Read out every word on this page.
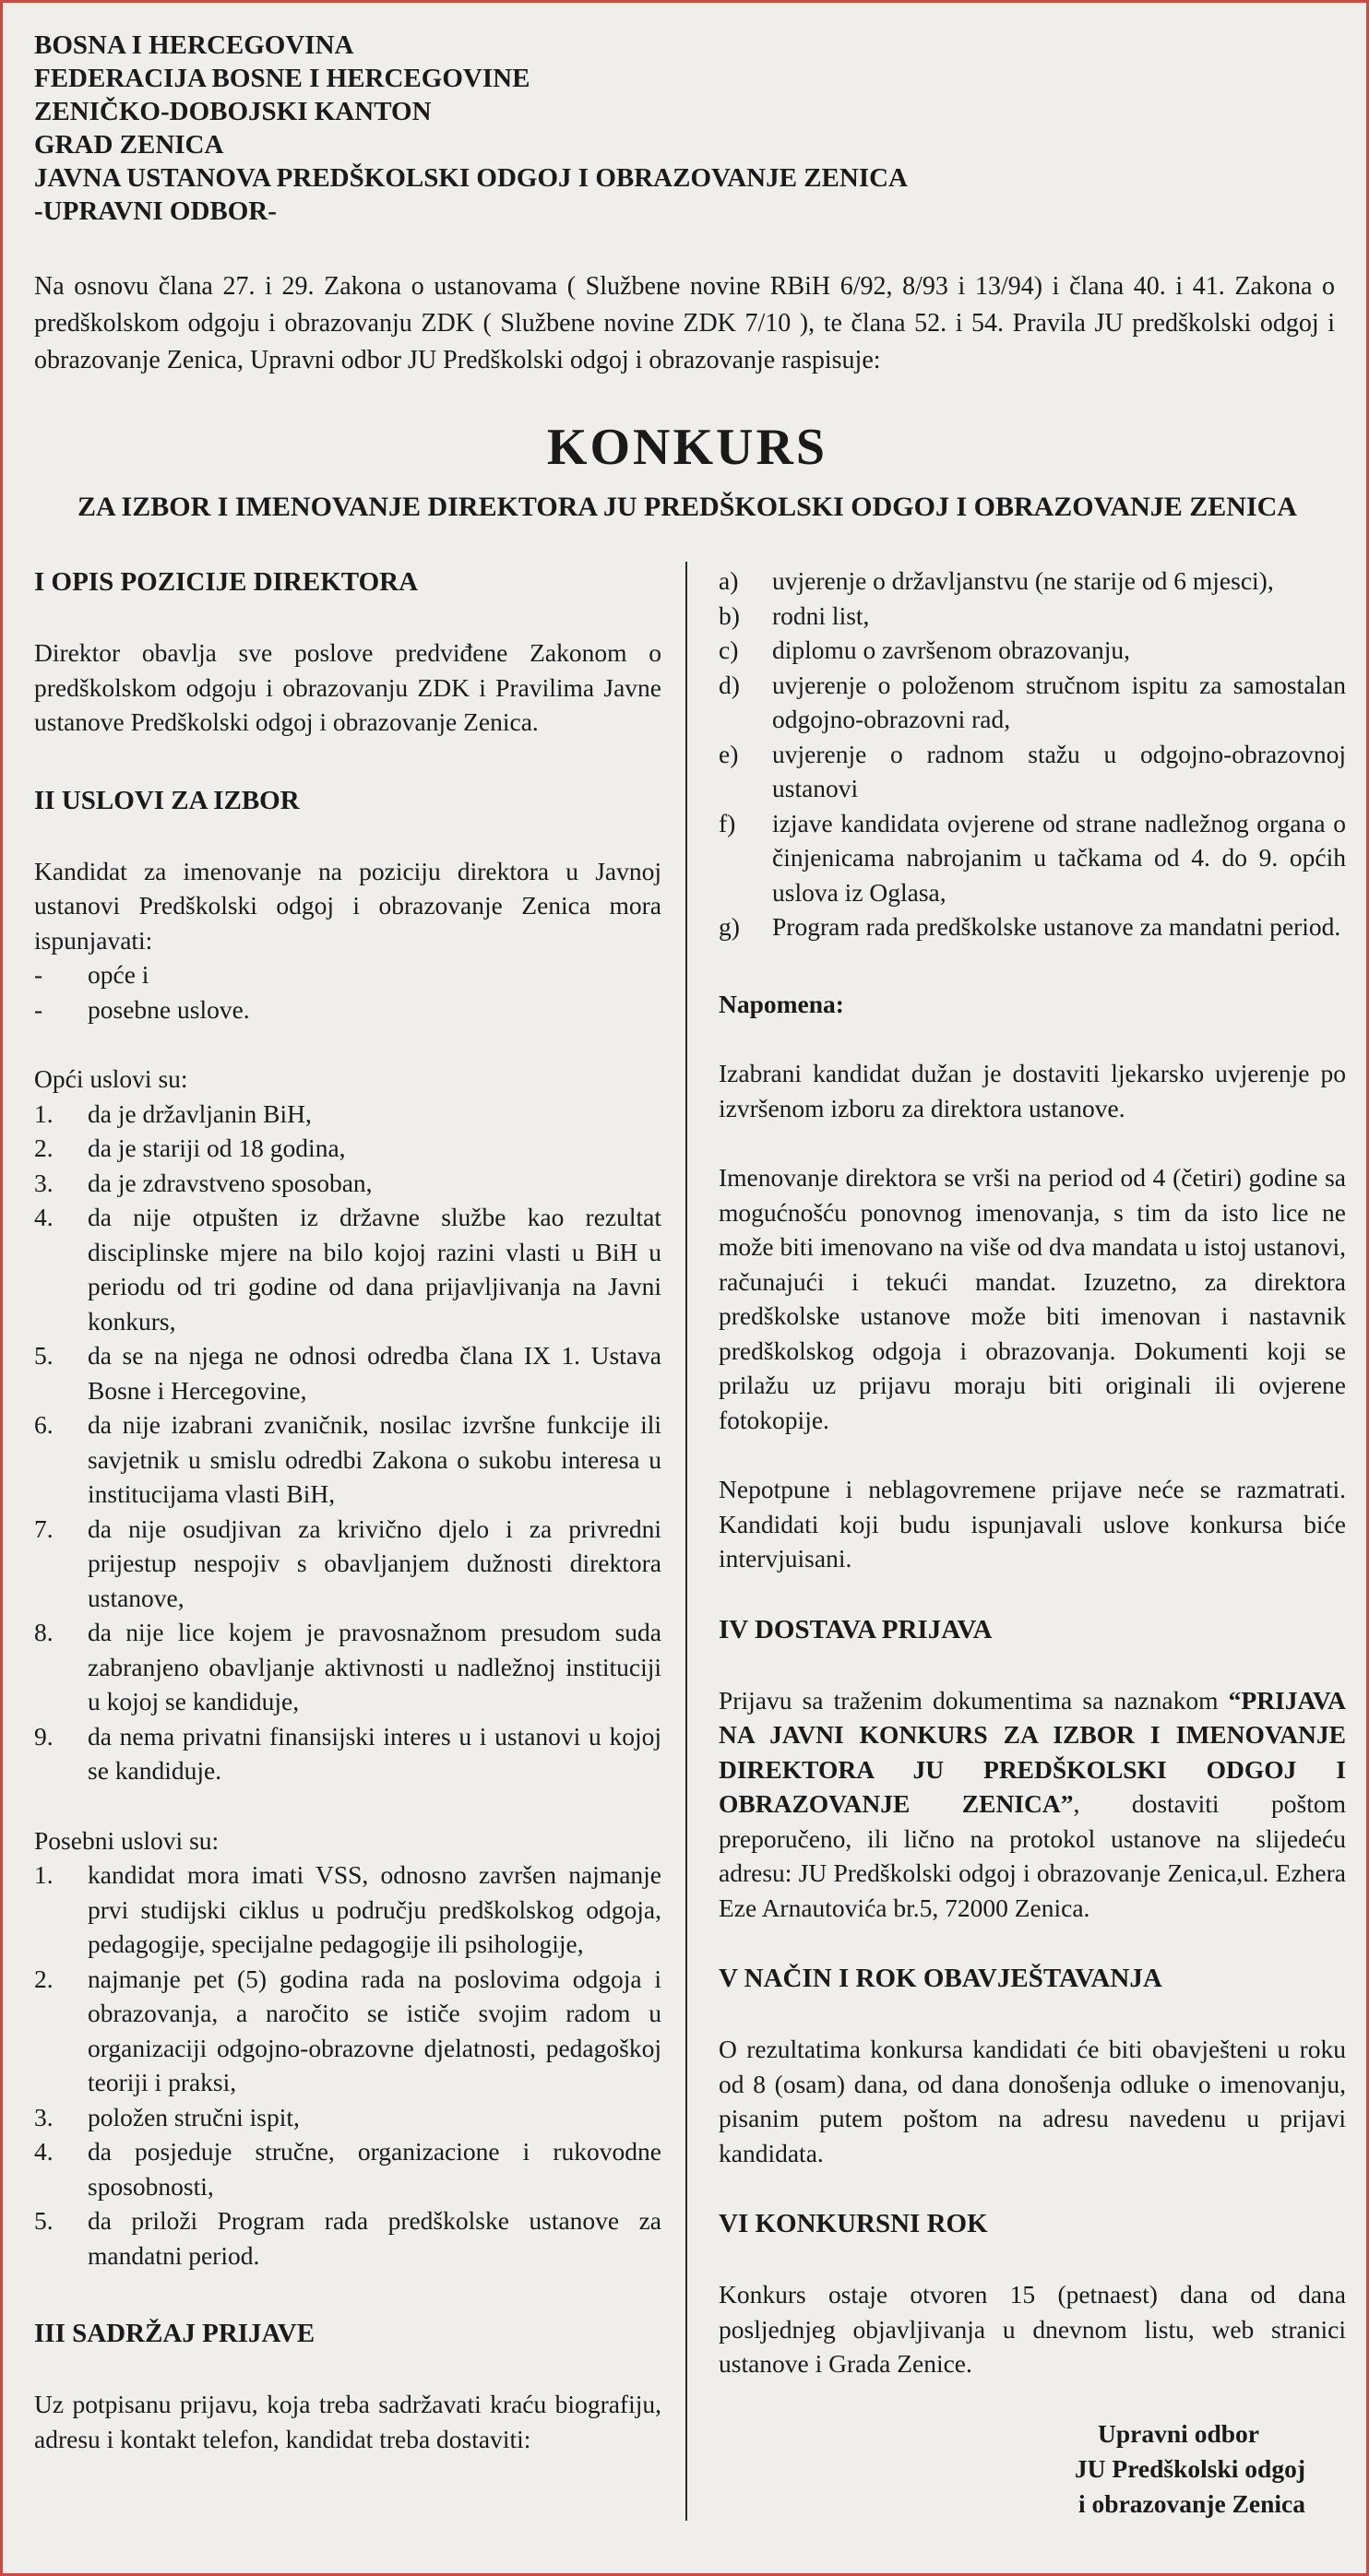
BOSNA I HERCEGOVINA
FEDERACIJA BOSNE I HERCEGOVINE
ZENIČKO-DOBOJSKI KANTON
GRAD ZENICA
JAVNA USTANOVA PREDŠKOLSKI ODGOJ I OBRAZOVANJE ZENICA
-UPRAVNI ODBOR-

Na osnovu člana 27. i 29. Zakona o ustanovama ( Službene novine RBiH 6/92, 8/93 i 13/94) i člana 40. i 41. Zakona o predškolskom odgoju i obrazovanju ZDK ( Službene novine ZDK 7/10 ), te člana 52. i 54. Pravila JU predškolski odgoj i obrazovanje Zenica, Upravni odbor JU Predškolski odgoj i obrazovanje raspisuje:

KONKURS
ZA IZBOR I IMENOVANJE DIREKTORA JU PREDŠKOLSKI ODGOJ I OBRAZOVANJE ZENICA
I OPIS POZICIJE DIREKTORA

Direktor obavlja sve poslove predviđene Zakonom o predškolskom odgoju i obrazovanju ZDK i Pravilima Javne ustanove Predškolski odgoj i obrazovanje Zenica.

II USLOVI ZA IZBOR

Kandidat za imenovanje na poziciju direktora u Javnoj ustanovi Predškolski odgoj i obrazovanje Zenica mora ispunjavati:

-	opće i
-	posebne uslove.

Opći uslovi su:

1.	da je državljanin BiH,
2.	da je stariji od 18 godina,
3.	da je zdravstveno sposoban,
4.	da nije otpušten iz državne službe kao rezultat disciplinske mjere na bilo kojoj razini vlasti u BiH u periodu od tri godine od dana prijavljivanja na Javni konkurs,
5.	da se na njega ne odnosi odredba člana IX 1. Ustava Bosne i Hercegovine,
6.	da nije izabrani zvaničnik, nosilac izvršne funkcije ili savjetnik u smislu odredbi Zakona o sukobu interesa u institucijama vlasti BiH,
7.	da nije osudjivan za krivično djelo i za privredni prijestup nespojiv s obavljanjem dužnosti direktora ustanove,
8.	da nije lice kojem je pravosnažnom presudom suda zabranjeno obavljanje aktivnosti u nadležnoj instituciji u kojoj se kandiduje,
9.	da nema privatni finansijski interes u i ustanovi u kojoj se kandiduje.

Posebni uslovi su:

1.	kandidat mora imati VSS, odnosno završen najmanje prvi studijski ciklus u području predškolskog odgoja, pedagogije, specijalne pedagogije ili psihologije,
2.	najmanje pet (5) godina rada na poslovima odgoja i obrazovanja, a naročito se ističe svojim radom u organizaciji odgojno-obrazovne djelatnosti, pedagoškoj teoriji i praksi,
3.	položen stručni ispit,
4.	da posjeduje stručne, organizacione i rukovodne sposobnosti,
5.	da priloži Program rada predškolske ustanove za mandatni period.
III SADRŽAJ PRIJAVE

Uz potpisanu prijavu, koja treba sadržavati kraću biografiju, adresu i kontakt telefon, kandidat treba dostaviti:

a)	uvjerenje o državljanstvu (ne starije od 6 mjesci),
b)	rodni list,
c)	diplomu o završenom obrazovanju,
d)	uvjerenje o položenom stručnom ispitu za samostalan odgojno-obrazovni rad,
e)	uvjerenje o radnom stažu u odgojno-obrazovnoj ustanovi
f)	izjave kandidata ovjerene od strane nadležnog organa o činjenicama nabrojanim u tačkama od 4. do 9. općih uslova iz Oglasa,
g)	Program rada predškolske ustanove za mandatni period.

Napomena:

Izabrani kandidat dužan je dostaviti ljekarsko uvjerenje po izvršenom izboru za direktora ustanove.

Imenovanje direktora se vrši na period od 4 (četiri) godine sa mogućnošću ponovnog imenovanja, s tim da isto lice ne može biti imenovano na više od dva mandata u istoj ustanovi, računajući i tekući mandat. Izuzetno, za direktora predškolske ustanove može biti imenovan i nastavnik predškolskog odgoja i obrazovanja. Dokumenti koji se prilažu uz prijavu moraju biti originali ili ovjerene fotokopije.

Nepotpune i neblagovremene prijave neće se razmatrati. Kandidati koji budu ispunjavali uslove konkursa biće intervjuisani.

IV DOSTAVA PRIJAVA

Prijavu sa traženim dokumentima sa naznakom “PRIJAVA NA JAVNI KONKURS ZA IZBOR I IMENOVANJE DIREKTORA JU PREDŠKOLSKI ODGOJ I OBRAZOVANJE ZENICA”, dostaviti poštom preporučeno, ili lično na protokol ustanove na slijedeću adresu: JU Predškolski odgoj i obrazovanje Zenica,ul. Ezhera Eze Arnautovića br.5, 72000 Zenica.

V NAČIN I ROK OBAVJEŠTAVANJA

O rezultatima konkursa kandidati će biti obavješteni u roku od 8 (osam) dana, od dana donošenja odluke o imenovanju, pisanim putem poštom na adresu navedenu u prijavi kandidata.

VI KONKURSNI ROK

Konkurs ostaje otvoren 15 (petnaest) dana od dana posljednjeg objavljivanja u dnevnom listu, web stranici ustanove i Grada Zenice.

Upravni odbor
JU Predškolski odgoj
i obrazovanje Zenica
